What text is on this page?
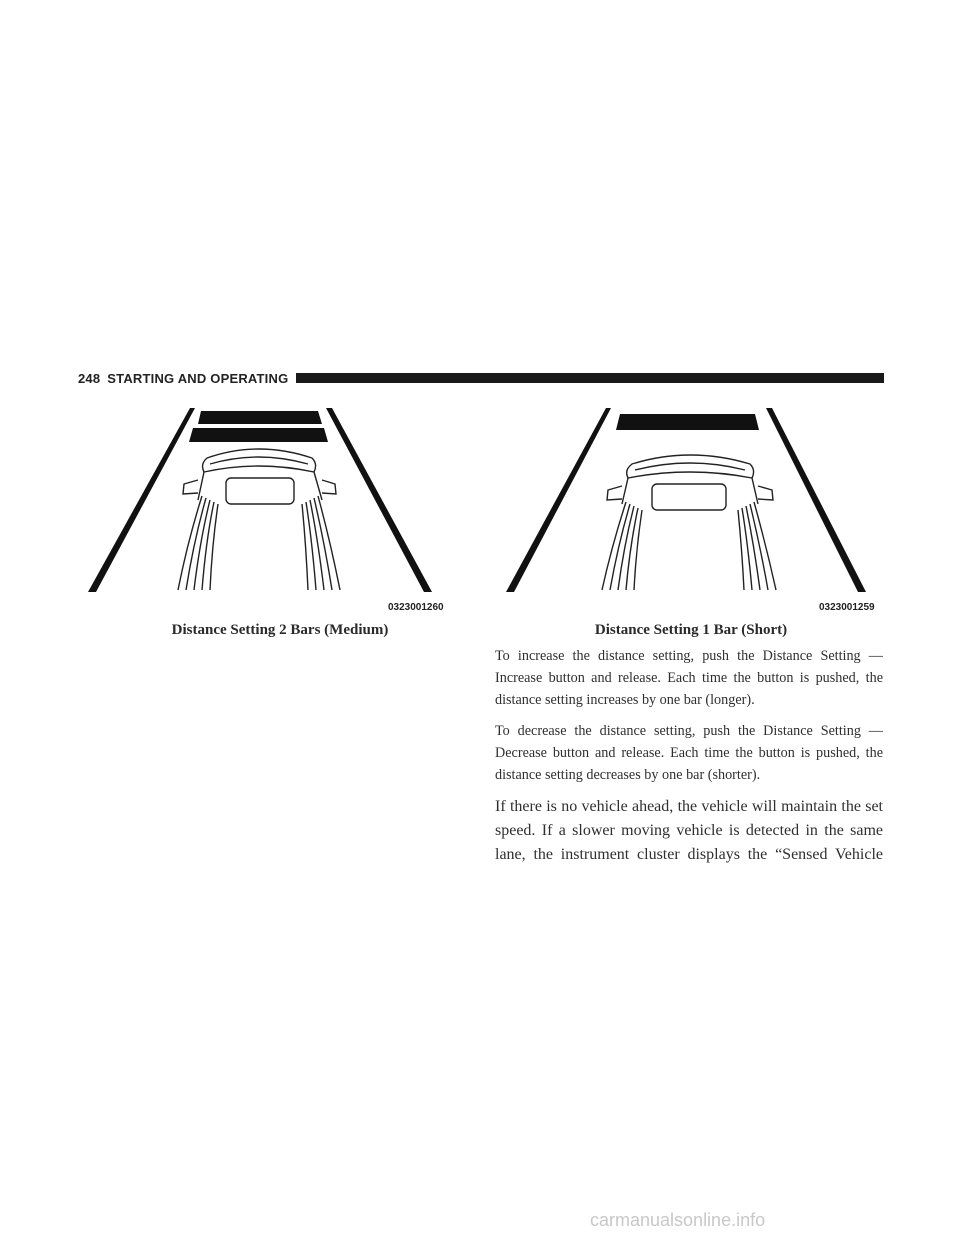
248 STARTING AND OPERATING
0323001260
Distance Setting 2 Bars (Medium)
0323001259
Distance Setting 1 Bar (Short)

To increase the distance setting, push the Distance Setting — Increase button and release. Each time the button is pushed, the distance setting increases by one bar (longer).

To decrease the distance setting, push the Distance Setting — Decrease button and release. Each time the button is pushed, the distance setting decreases by one bar (shorter).

If there is no vehicle ahead, the vehicle will maintain the set speed. If a slower moving vehicle is detected in the same lane, the instrument cluster displays the “Sensed Vehicle

carmanualsonline.info
